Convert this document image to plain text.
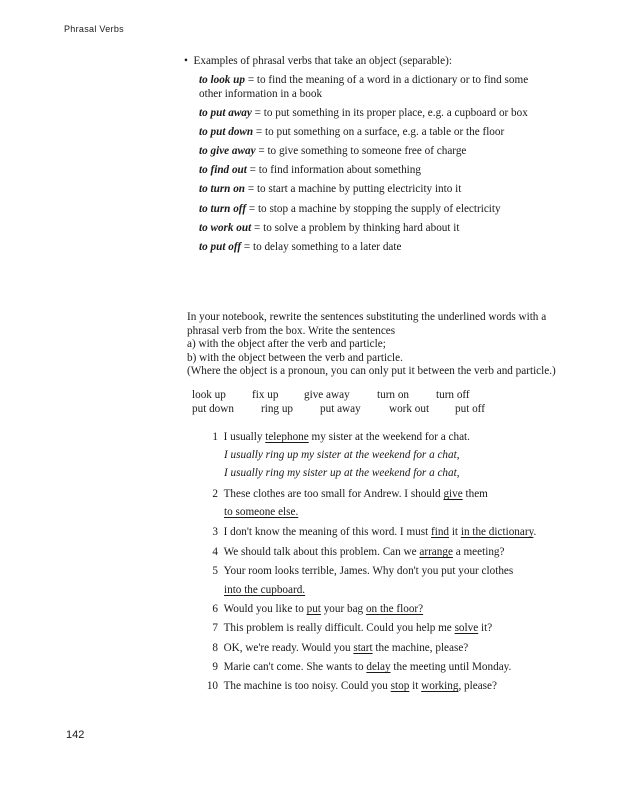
Phrasal Verbs
•  Examples of phrasal verbs that take an object (separable):
to look up = to find the meaning of a word in a dictionary or to find some
other information in a book
to put away = to put something in its proper place, e.g. a cupboard or box
to put down = to put something on a surface, e.g. a table or the floor
to give away = to give something to someone free of charge
to find out = to find information about something
to turn on = to start a machine by putting electricity into it
to turn off = to stop a machine by stopping the supply of electricity
to work out = to solve a problem by thinking hard about it
to put off = to delay something to a later date
In your notebook, rewrite the sentences substituting the underlined words with a
phrasal verb from the box. Write the sentences
a) with the object after the verb and particle;
b) with the object between the verb and particle.
(Where the object is a pronoun, you can only put it between the verb and particle.)
look up fix up give away turn on turn off
put down ring up put away	work out put off
1 I usually telephone my sister at the weekend for a chat.
I usually ring up my sister at the weekend for a chat,
I usually ring my sister up at the weekend for a chat,
2 These clothes are too small for Andrew. I should give them
to someone else.
3 I don't know the meaning of this word. I must find it in the dictionary.
4 We should talk about this problem. Can we arrange a meeting?
5 Your room looks terrible, James. Why don't you put your clothes
into the cupboard.
6 Would you like to put your bag on the floor?
7 This problem is really difficult. Could you help me solve it?
8 OK, we're ready. Would you start the machine, please?
9 Marie can't come. She wants to delay the meeting until Monday.
10 The machine is too noisy. Could you stop it working, please?
142
